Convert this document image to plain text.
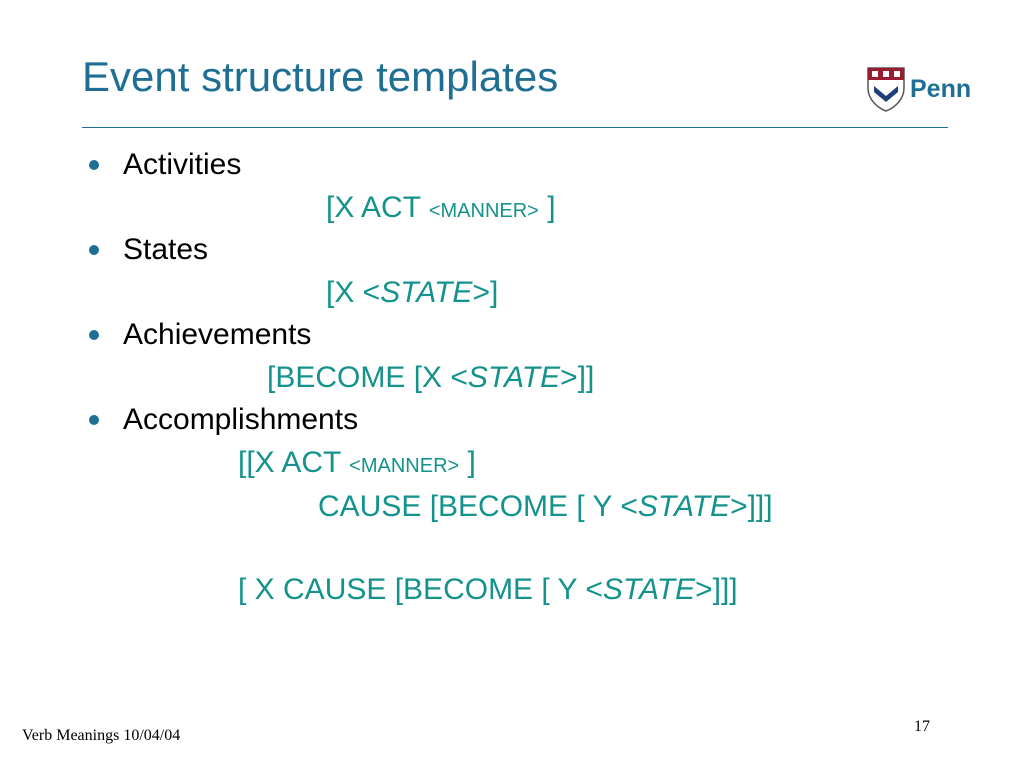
Event structure templates	Penn
Activities
[X ACT <MANNER> ]
States
[X <STATE>]
Achievements
[BECOME [X <STATE>]]
Accomplishments
[[X ACT <MANNER> ]
CAUSE [BECOME [ Y <STATE>]]]
[ X CAUSE [BECOME [ Y <STATE>]]]
Verb Meanings 10/04/04
17
